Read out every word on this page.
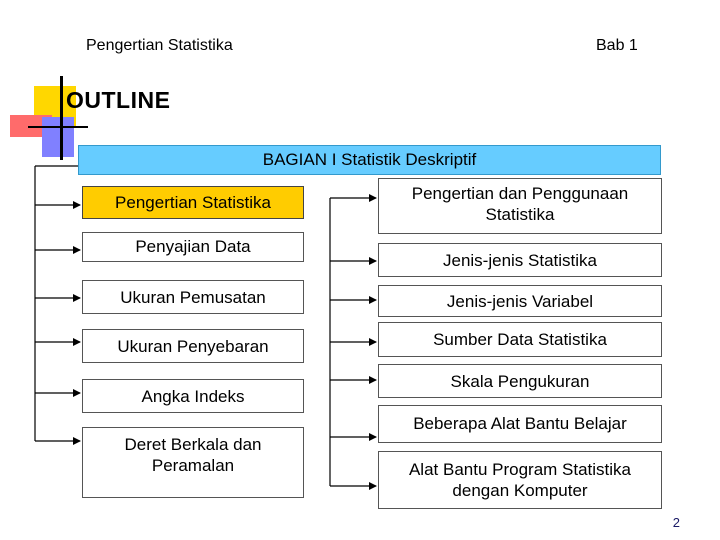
Pengertian Statistika	Bab 1
OUTLINE
BAGIAN I Statistik Deskriptif
Pengertian Statistika
Penyajian Data
Ukuran Pemusatan
Ukuran Penyebaran
Angka Indeks
Deret Berkala dan Peramalan
Pengertian dan Penggunaan Statistika
Jenis-jenis Statistika
Jenis-jenis Variabel
Sumber Data Statistika
Skala Pengukuran
Beberapa Alat Bantu Belajar
Alat Bantu Program Statistika dengan Komputer
2
